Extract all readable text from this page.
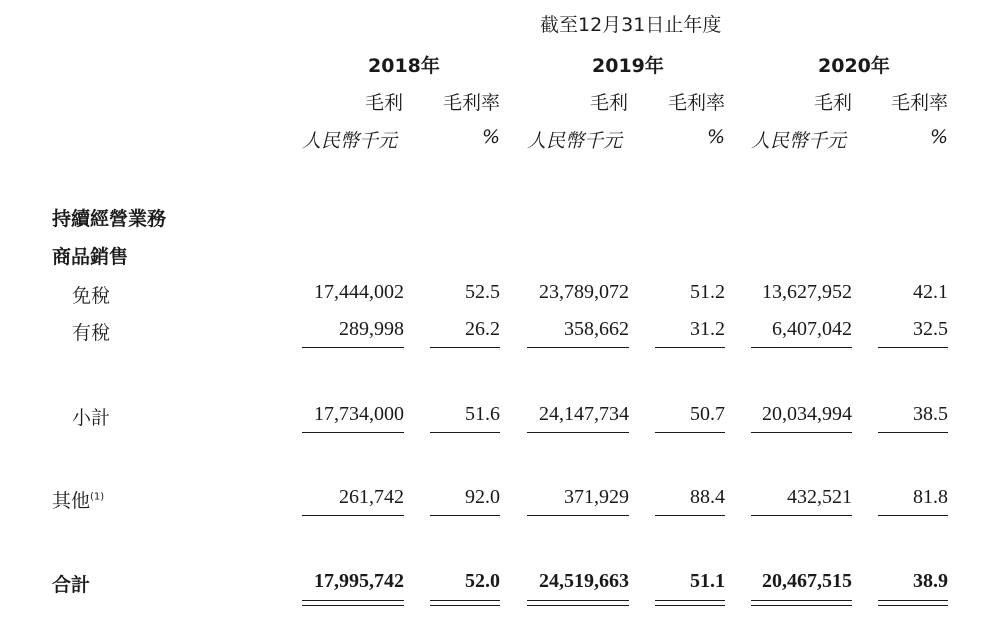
截至12月31日止年度
2018年	2019年	2020年
毛利	毛利率	毛利	毛利率	毛利	毛利率
人民幣千元	% 人民幣千元	% 人民幣千元	%
持續經營業務
商品銷售
免稅	17,444,002	52.5	23,789,072	51.2	13,627,952	42.1
有稅	289,998	26.2	358,662	31.2	6,407,042	32.5
小計	17,734,000	51.6	24,147,734	50.7	20,034,994	38.5
其他$^{(1)}$	261,742	92.0	371,929	88.4	432,521	81.8
合計	17,995,742	52.0	24,519,663	51.1	20,467,515	38.9
